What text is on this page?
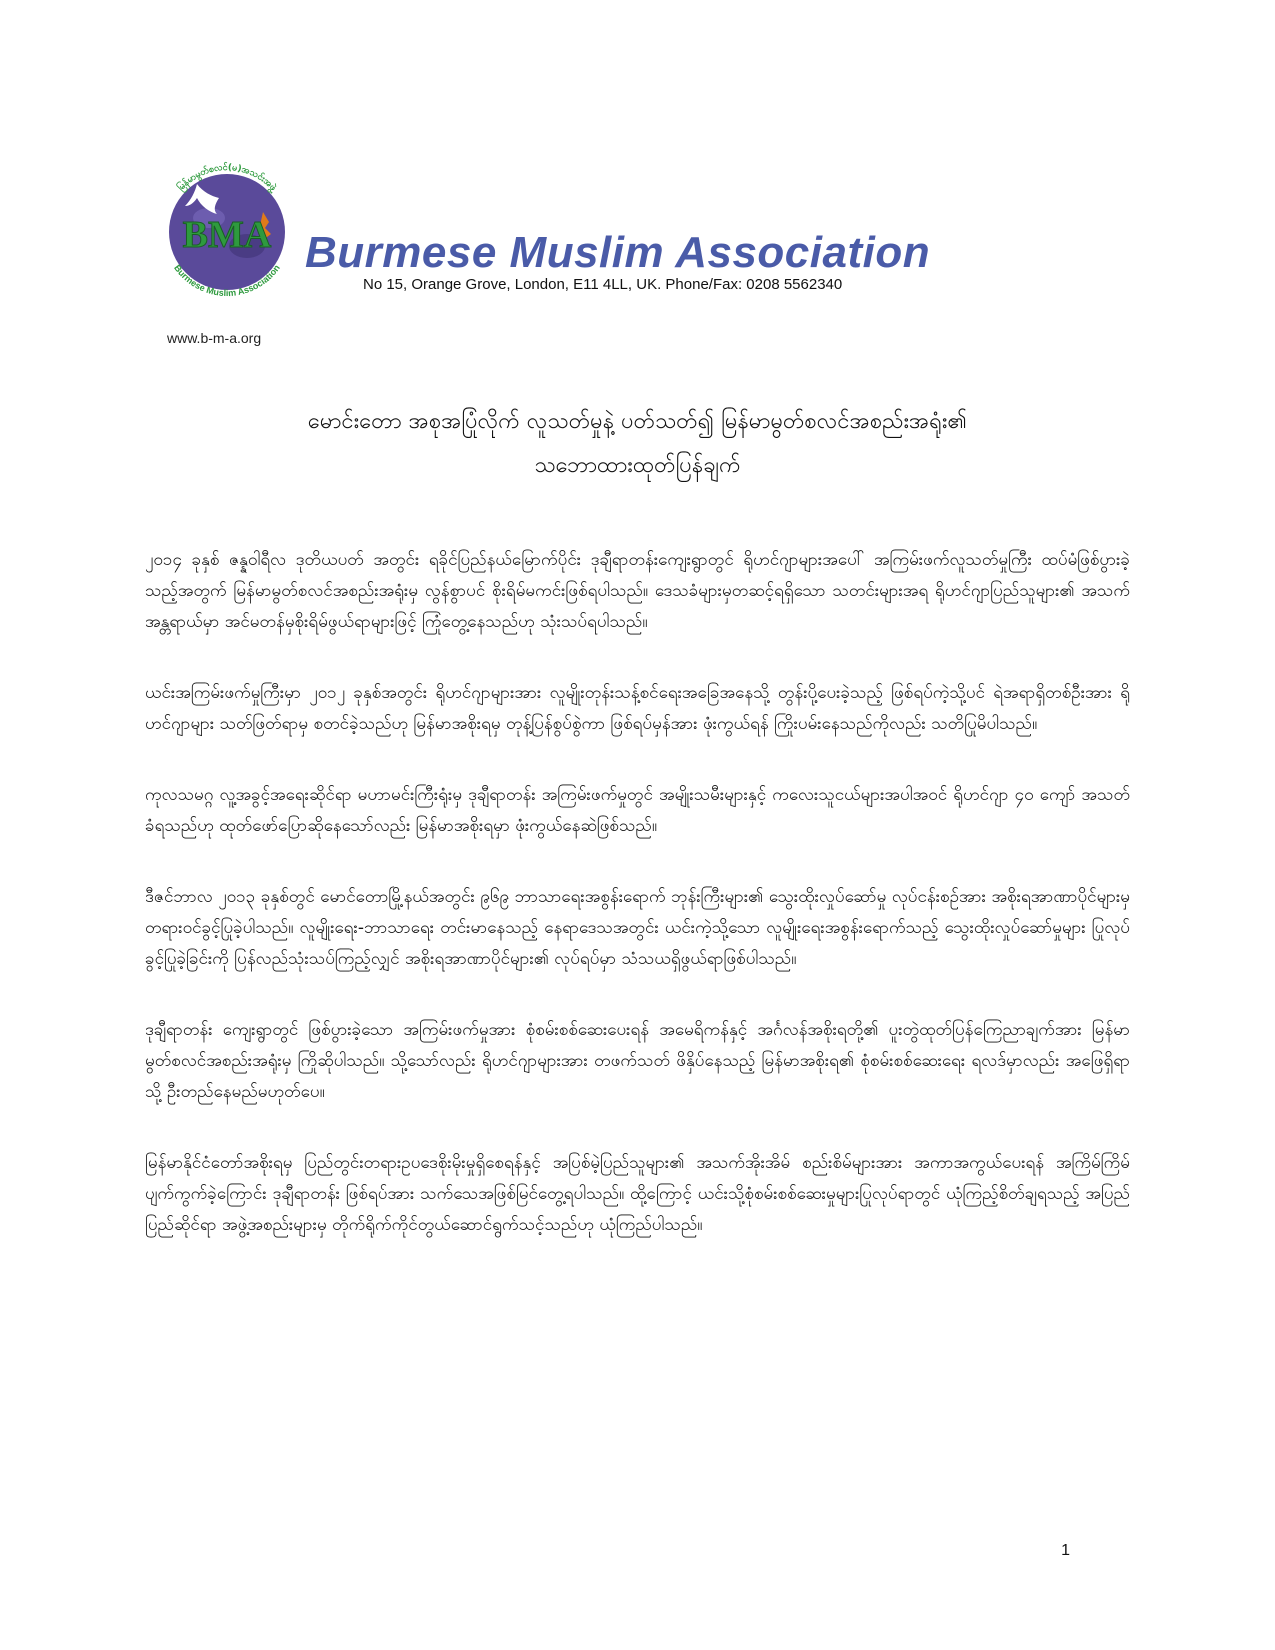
BMA
မြန်မာမွတ်စလင်(မ)အသင်းအဖွဲ့
Burmese Muslim Association Burmese Muslim Association
No 15, Orange Grove, London, E11 4LL, UK. Phone/Fax: 0208 5562340
www.b-m-a.org
မောင်းတော အစုအပြုံလိုက် လူသတ်မှုနဲ့ ပတ်သတ်၍ မြန်မာမွတ်စလင်အစည်းအရုံး၏
သဘောထားထုတ်ပြန်ချက်

၂၀၁၄ ခုနှစ် ဇန္နဝါရီလ ဒုတိယပတ် အတွင်း ရခိုင်ပြည်နယ်မြောက်ပိုင်း ဒုချီရာတန်းကျေးရွာတွင် ရိုဟင်ဂျာများအပေါ် အကြမ်းဖက်လူသတ်မှုကြီး ထပ်မံဖြစ်ပွားခဲ့သည့်အတွက် မြန်မာမွတ်စလင်အစည်းအရုံးမှ လွန်စွာပင် စိုးရိမ်မကင်းဖြစ်ရပါသည်။ ဒေသခံများမှတဆင့်ရရှိသော သတင်းများအရ ရိုဟင်ဂျာပြည်သူများ၏ အသက်အန္တရာယ်မှာ အင်မတန်မှစိုးရိမ်ဖွယ်ရာများဖြင့် ကြုံတွေ့နေသည်ဟု သုံးသပ်ရပါသည်။

ယင်းအကြမ်းဖက်မှုကြီးမှာ ၂၀၁၂ ခုနှစ်အတွင်း ရိုဟင်ဂျာများအား လူမျိုးတုန်းသန့်စင်ရေးအခြေအနေသို့ တွန်းပို့ပေးခဲ့သည့် ဖြစ်ရပ်ကဲ့သို့ပင် ရဲအရာရှိတစ်ဦးအား ရိုဟင်ဂျာများ သတ်ဖြတ်ရာမှ စတင်ခဲ့သည်ဟု မြန်မာအစိုးရမှ တုန့်ပြန်စွပ်စွဲကာ ဖြစ်ရပ်မှန်အား ဖုံးကွယ်ရန် ကြိုးပမ်းနေသည်ကိုလည်း သတိပြုမိပါသည်။

ကုလသမဂ္ဂ လူ့အခွင့်အရေးဆိုင်ရာ မဟာမင်းကြီးရုံးမှ ဒုချီရာတန်း အကြမ်းဖက်မှုတွင် အမျိုးသမီးများနှင့် ကလေးသူငယ်များအပါအဝင် ရိုဟင်ဂျာ ၄၀ ကျော် အသတ်ခံရသည်ဟု ထုတ်ဖော်ပြောဆိုနေသော်လည်း မြန်မာအစိုးရမှာ ဖုံးကွယ်နေဆဲဖြစ်သည်။

ဒီဇင်ဘာလ ၂၀၁၃ ခုနှစ်တွင် မောင်တောမြို့နယ်အတွင်း ၉၆၉ ဘာသာရေးအစွန်းရောက် ဘုန်းကြီးများ၏ သွေးထိုးလှုပ်ဆော်မှု လုပ်ငန်းစဉ်အား အစိုးရအာဏာပိုင်များမှ တရားဝင်ခွင့်ပြုခဲ့ပါသည်။ လူမျိုးရေး-ဘာသာရေး တင်းမာနေသည့် နေရာဒေသအတွင်း ယင်းကဲ့သို့သော လူမျိုးရေးအစွန်းရောက်သည့် သွေးထိုးလှုပ်ဆော်မှုများ ပြုလုပ်ခွင့်ပြုခဲ့ခြင်းကို ပြန်လည်သုံးသပ်ကြည့်လျှင် အစိုးရအာဏာပိုင်များ၏ လုပ်ရပ်မှာ သံသယရှိဖွယ်ရာဖြစ်ပါသည်။

ဒုချီရာတန်း ကျေးရွာတွင် ဖြစ်ပွားခဲ့သော အကြမ်းဖက်မှုအား စုံစမ်းစစ်ဆေးပေးရန် အမေရိကန်နှင့် အင်္ဂလန်အစိုးရတို့၏ ပူးတွဲထုတ်ပြန်ကြေညာချက်အား မြန်မာမွတ်စလင်အစည်းအရုံးမှ ကြိုဆိုပါသည်။ သို့သော်လည်း ရိုဟင်ဂျာများအား တဖက်သတ် ဖိနှိပ်နေသည့် မြန်မာအစိုးရ၏ စုံစမ်းစစ်ဆေးရေး ရလဒ်မှာလည်း အဖြေရှိရာသို့ ဦးတည်နေမည်မဟုတ်ပေ။

မြန်မာနိုင်ငံတော်အစိုးရမှ ပြည်တွင်းတရားဥပဒေစိုးမိုးမှုရှိစေရန်နှင့် အပြစ်မဲ့ပြည်သူများ၏ အသက်အိုးအိမ် စည်းစိမ်များအား အကာအကွယ်ပေးရန် အကြိမ်ကြိမ်ပျက်ကွက်ခဲ့ကြောင်း ဒုချီရာတန်း ဖြစ်ရပ်အား သက်သေအဖြစ်မြင်တွေ့ရပါသည်။ ထို့ကြောင့် ယင်းသို့စုံစမ်းစစ်ဆေးမှုများပြုလုပ်ရာတွင် ယုံကြည့်စိတ်ချရသည့် အပြည်ပြည်ဆိုင်ရာ အဖွဲ့အစည်းများမှ တိုက်ရိုက်ကိုင်တွယ်ဆောင်ရွက်သင့်သည်ဟု ယုံကြည်ပါသည်။

1
